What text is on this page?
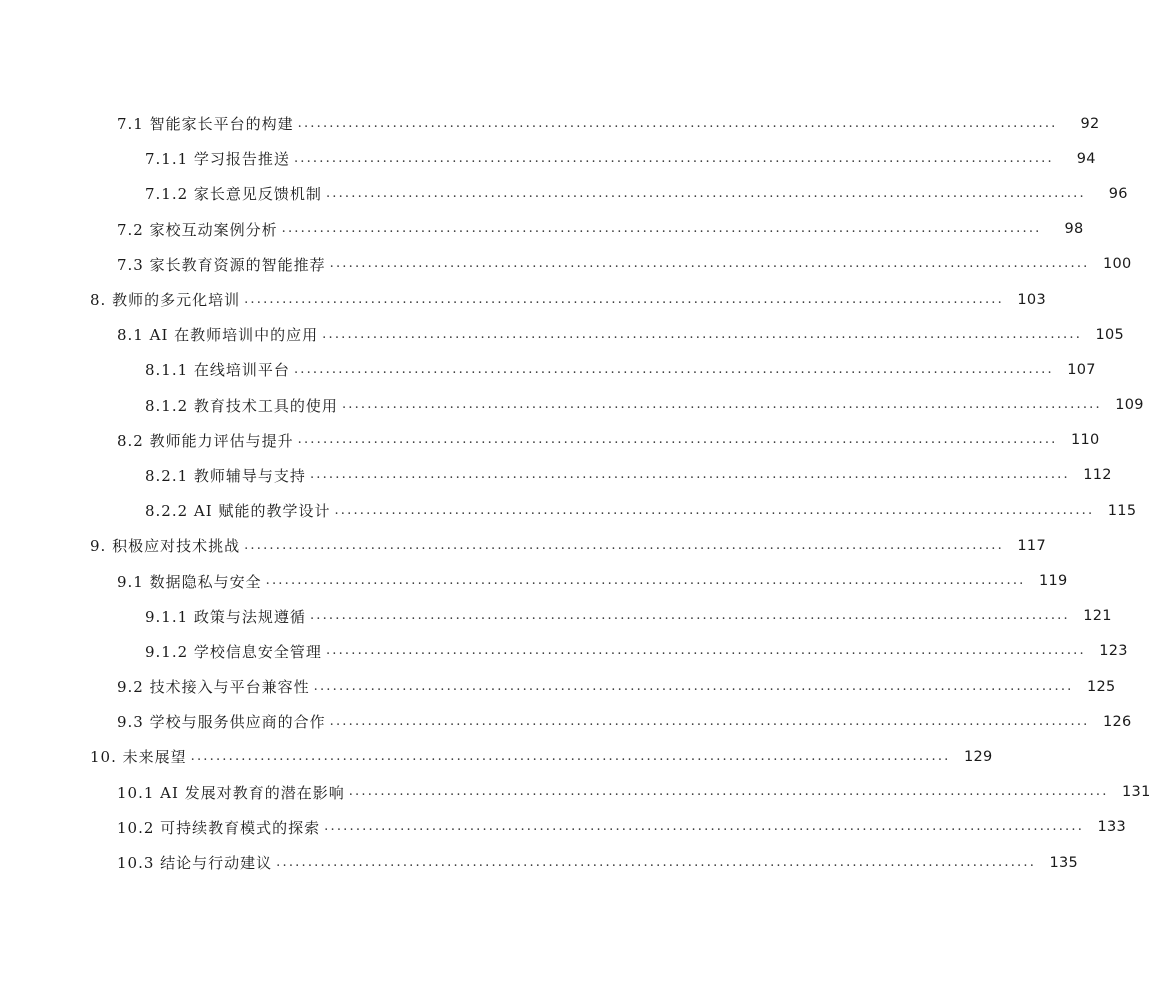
7.1 智能家长平台的构建 ........................................................................................................................	92
7.1.1 学习报告推送 ........................................................................................................................	94
7.1.2 家长意见反馈机制 ........................................................................................................................	96
7.2 家校互动案例分析 ........................................................................................................................	98
7.3 家长教育资源的智能推荐 ........................................................................................................................ 100
8. 教师的多元化培训 ........................................................................................................................ 103
8.1 AI 在教师培训中的应用 ........................................................................................................................ 105
8.1.1 在线培训平台 ........................................................................................................................ 107
8.1.2 教育技术工具的使用 ........................................................................................................................ 109
8.2 教师能力评估与提升 ........................................................................................................................ 110
8.2.1 教师辅导与支持 ........................................................................................................................ 112
8.2.2 AI 赋能的教学设计 ........................................................................................................................ 115
9. 积极应对技术挑战 ........................................................................................................................ 117
9.1 数据隐私与安全 ........................................................................................................................ 119
9.1.1 政策与法规遵循 ........................................................................................................................ 121
9.1.2 学校信息安全管理 ........................................................................................................................ 123
9.2 技术接入与平台兼容性 ........................................................................................................................ 125
9.3 学校与服务供应商的合作 ........................................................................................................................ 126
10. 未来展望 ........................................................................................................................ 129
10.1 AI 发展对教育的潜在影响 ........................................................................................................................ 131
10.2 可持续教育模式的探索 ........................................................................................................................ 133
10.3 结论与行动建议 ........................................................................................................................ 135
